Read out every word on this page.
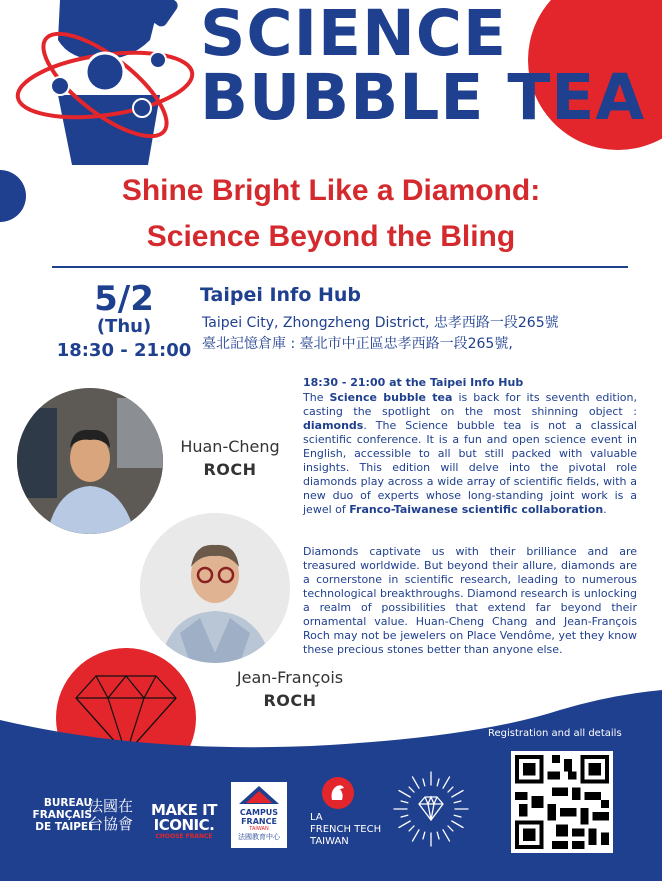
SCIENCE
BUBBLE TEA
Shine Bright Like a Diamond:
Science Beyond the Bling
5/2
(Thu)
18:30 - 21:00
Taipei Info Hub
Taipei City, Zhongzheng District, 忠孝西路一段265號
臺北記憶倉庫 : 臺北市中正區忠孝西路一段265號,
18:30 - 21:00 at the Taipei Info Hub
The Science bubble tea is back for its seventh edition, casting the spotlight on the most shinning object : diamonds. The Science bubble tea is not a classical scientific conference. It is a fun and open science event in English, accessible to all but still packed with valuable insights. This edition will delve into the pivotal role diamonds play across a wide array of scientific fields, with a new duo of experts whose long-standing joint work is a jewel of Franco-Taiwanese scientific collaboration.
Diamonds captivate us with their brilliance and are treasured worldwide. But beyond their allure, diamonds are a cornerstone in scientific research, leading to numerous technological breakthroughs. Diamond research is unlocking a realm of possibilities that extend far beyond their ornamental value. Huan-Cheng Chang and Jean-François Roch may not be jewelers on Place Vendôme, yet they know these precious stones better than anyone else.
Huan-Cheng
ROCH
Jean-François
ROCH
Registration and all details
BUREAU
FRANÇAIS
DE TAIPEI
法國在台協會
MAKE IT
ICONIC.
CHOOSE FRANCE
CAMPUS
FRANCE
TAIWAN
法國教育中心
LA
FRENCH TECH
TAIWAN
